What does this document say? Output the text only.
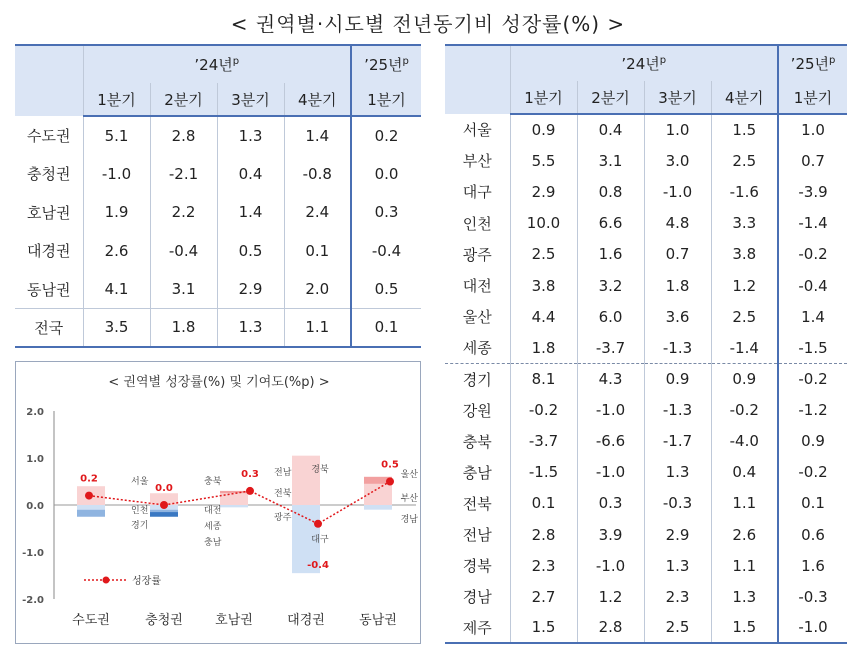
< 권역별·시도별 전년동기비 성장률(%) >
	’24년$^p$				’25년$^p$
	1분기	2분기	3분기	4분기	1분기
수도권	5.1	2.8	1.3	1.4	0.2
충청권	-1.0	-2.1	0.4	-0.8	0.0
호남권	1.9	2.2	1.4	2.4	0.3
대경권	2.6	-0.4	0.5	0.1	-0.4
동남권	4.1	3.1	2.9	2.0	0.5
전국	3.5	1.8	1.3	1.1	0.1
	’24년$^p$				’25년$^p$
	1분기	2분기	3분기	4분기	1분기
서울	0.9	0.4	1.0	1.5	1.0
부산	5.5	3.1	3.0	2.5	0.7
대구	2.9	0.8	-1.0	-1.6	-3.9
인천	10.0	6.6	4.8	3.3	-1.4
광주	2.5	1.6	0.7	3.8	-0.2
대전	3.8	3.2	1.8	1.2	-0.4
울산	4.4	6.0	3.6	2.5	1.4
세종	1.8	-3.7	-1.3	-1.4	-1.5
경기	8.1	4.3	0.9	0.9	-0.2
강원	-0.2	-1.0	-1.3	-0.2	-1.2
충북	-3.7	-6.6	-1.7	-4.0	0.9
충남	-1.5	-1.0	1.3	0.4	-0.2
전북	0.1	0.3	-0.3	1.1	0.1
전남	2.8	3.9	2.9	2.6	0.6
경북	2.3	-1.0	1.3	1.1	1.6
경남	2.7	1.2	2.3	1.3	-0.3
제주	1.5	2.8	2.5	1.5	-1.0
< 권역별 성장률(%) 및 기여도(%p) >
2.0
1.0
0.0
-1.0
-2.0
서울
인천
경기
충북
대전
세종
충남
전남
전북
광주
경북
대구
울산
부산
경남
0.2
0.0
0.3
-0.4
0.5
성장률
수도권	충청권 호남권	대경권	동남권
